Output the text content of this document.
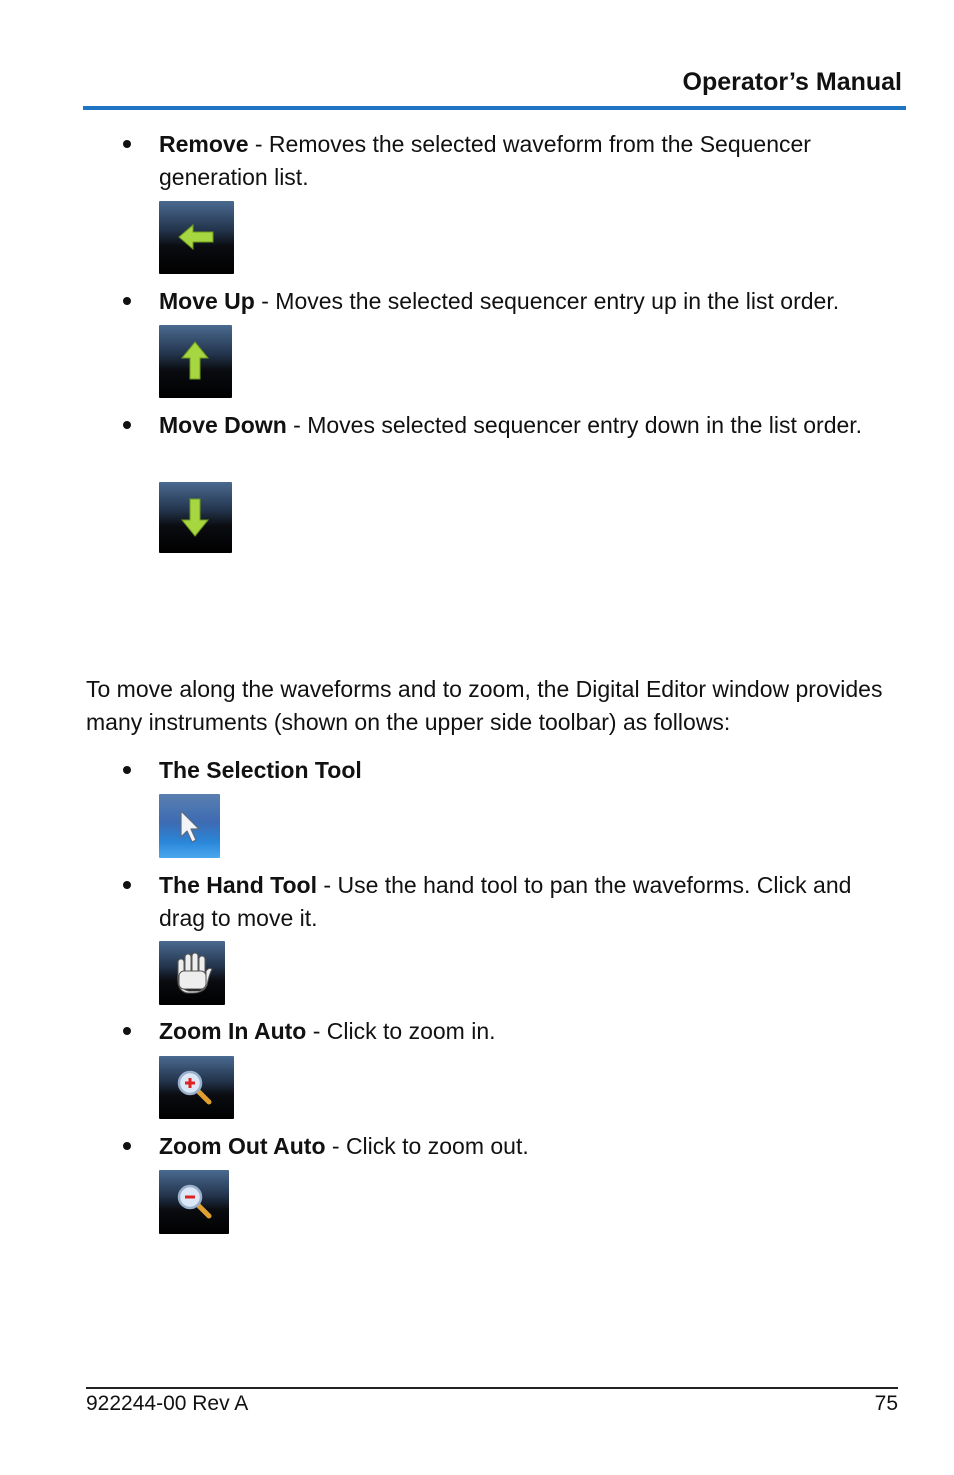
Operator’s Manual
Remove - Removes the selected waveform from the Sequencer generation list.
Move Up - Moves the selected sequencer entry up in the list order.
Move Down - Moves selected sequencer entry down in the list order.
To move along the waveforms and to zoom, the Digital Editor window provides many instruments (shown on the upper side toolbar) as follows:
The Selection Tool
The Hand Tool - Use the hand tool to pan the waveforms. Click and drag to move it.
Zoom In Auto - Click to zoom in.
Zoom Out Auto - Click to zoom out.
922244-00 Rev A	75
